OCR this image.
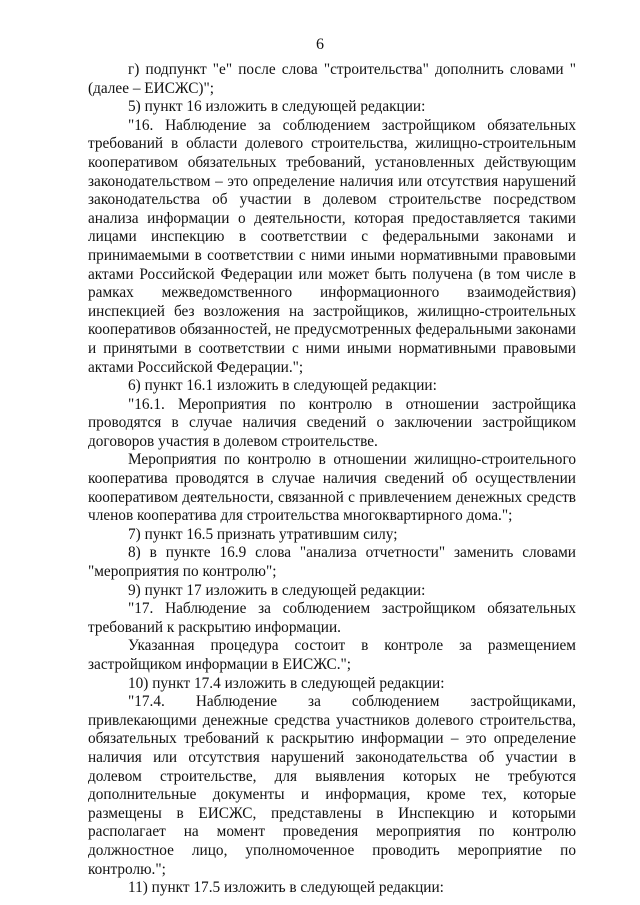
6

г) подпункт "е" после слова "строительства" дополнить словами "(далее – ЕИСЖС)";

5) пункт 16 изложить в следующей редакции:

"16. Наблюдение за соблюдением застройщиком обязательных требований в области долевого строительства, жилищно-строительным кооперативом обязательных требований, установленных действующим законодательством – это определение наличия или отсутствия нарушений законодательства об участии в долевом строительстве посредством анализа информации о деятельности, которая предоставляется такими лицами инспекцию в соответствии с федеральными законами и принимаемыми в соответствии с ними иными нормативными правовыми актами Российской Федерации или может быть получена (в том числе в рамках межведомственного информационного взаимодействия) инспекцией без возложения на застройщиков, жилищно-строительных кооперативов обязанностей, не предусмотренных федеральными законами и принятыми в соответствии с ними иными нормативными правовыми актами Российской Федерации.";

6) пункт 16.1 изложить в следующей редакции:

"16.1. Мероприятия по контролю в отношении застройщика проводятся в случае наличия сведений о заключении застройщиком договоров участия в долевом строительстве.

Мероприятия по контролю в отношении жилищно-строительного кооператива проводятся в случае наличия сведений об осуществлении кооперативом деятельности, связанной с привлечением денежных средств членов кооператива для строительства многоквартирного дома.";

7) пункт 16.5 признать утратившим силу;

8) в пункте 16.9 слова "анализа отчетности" заменить словами "мероприятия по контролю";

9) пункт 17 изложить в следующей редакции:

"17. Наблюдение за соблюдением застройщиком обязательных требований к раскрытию информации.

Указанная процедура состоит в контроле за размещением застройщиком информации в ЕИСЖС.";

10) пункт 17.4 изложить в следующей редакции:

"17.4. Наблюдение за соблюдением застройщиками, привлекающими денежные средства участников долевого строительства, обязательных требований к раскрытию информации – это определение наличия или отсутствия нарушений законодательства об участии в долевом строительстве, для выявления которых не требуются дополнительные документы и информация, кроме тех, которые размещены в ЕИСЖС, представлены в Инспекцию и которыми располагает на момент проведения мероприятия по контролю должностное лицо, уполномоченное проводить мероприятие по контролю.";

11) пункт 17.5 изложить в следующей редакции:
